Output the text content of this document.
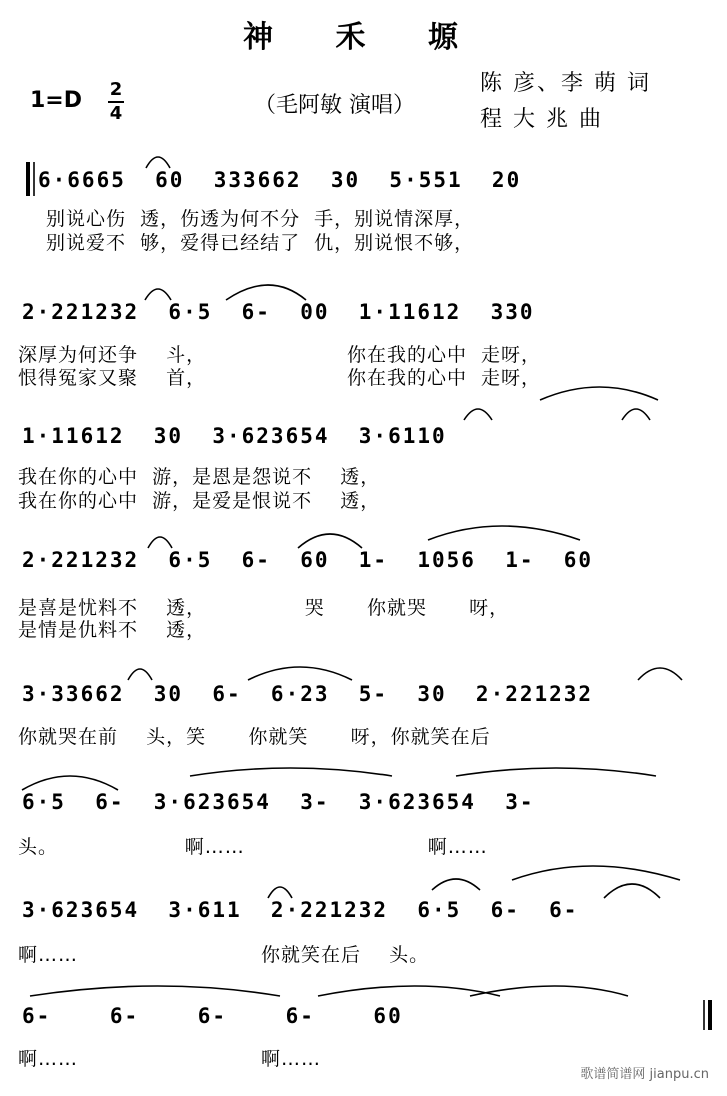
神 禾 塬
1=D 2
4	（毛阿敏 演唱）
陈 彦、李 萌 词
程 大 兆 曲
6·6665  60  333662  30  5·551  20
别说心伤  透，伤透为何不分  手，别说情深厚，
别说爱不  够，爱得已经结了  仇，别说恨不够，
2·221232  6·5  6-  00  1·11612  330
深厚为何还争    斗，                    你在我的心中  走呀，
恨得冤家又聚    首，                    你在我的心中  走呀，
1·11612  30  3·623654  3·6110
我在你的心中  游，是恩是怨说不    透，
我在你的心中  游，是爱是恨说不    透，
2·221232  6·5  6-  60  1-  1056  1-  60
是喜是忧料不    透，              哭      你就哭      呀，
是情是仇料不    透，
3·33662  30  6-  6·23  5-  30  2·221232
你就哭在前    头，笑      你就笑      呀，你就笑在后
6·5  6-  3·623654  3-  3·623654  3-
头。                  啊……                          啊……
3·623654  3·611  2·221232  6·5  6-  6-
啊……                          你就笑在后    头。
6-    6-    6-    6-    60
啊……                          啊……
歌谱简谱网 jianpu.cn
